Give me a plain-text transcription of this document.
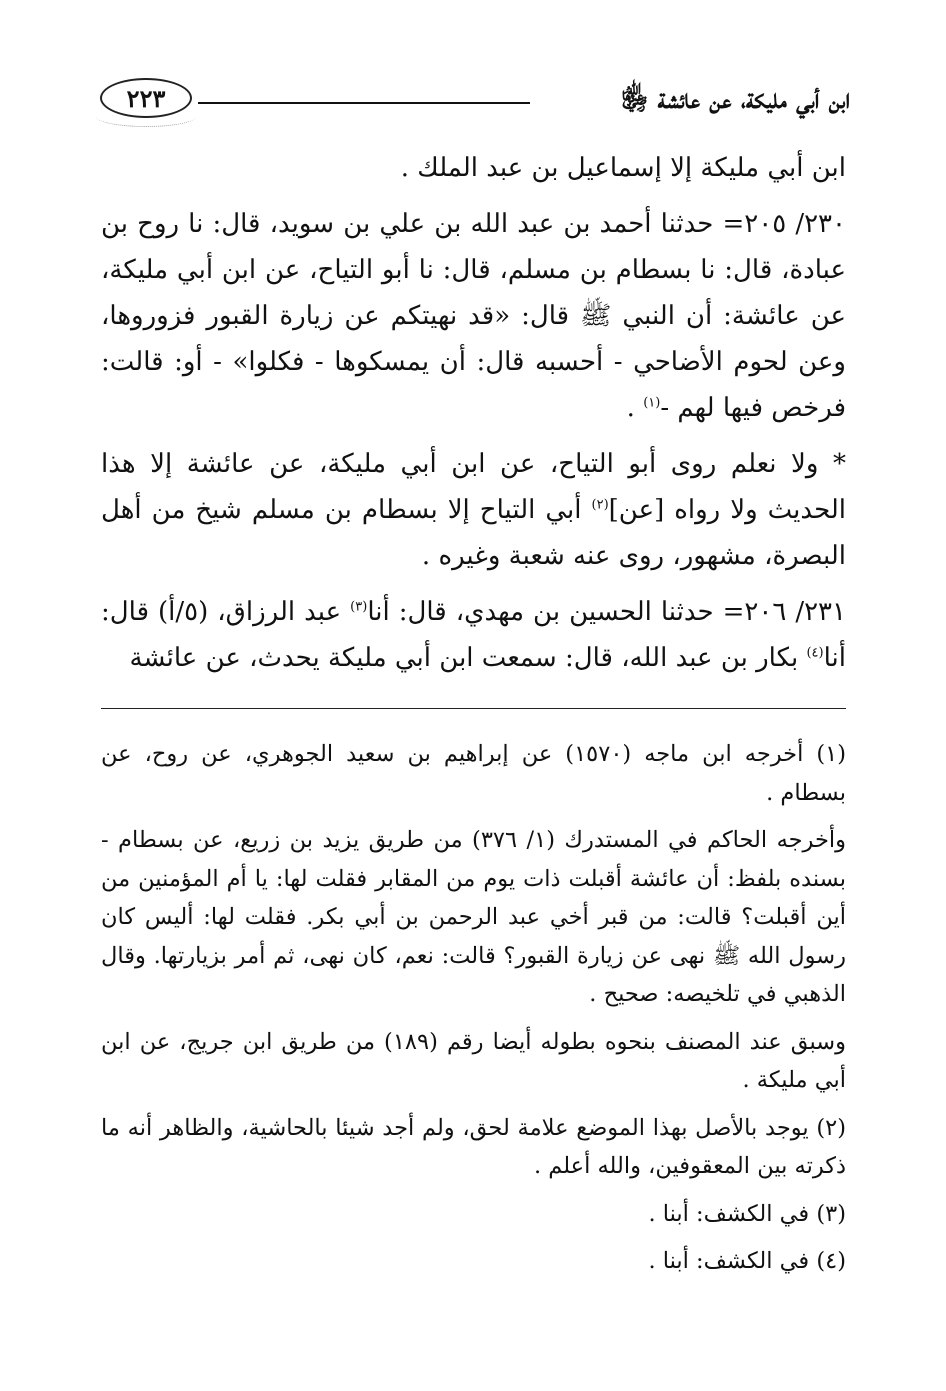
ابن أبي مليكة، عن عائشة ﵂
٢٢٣

ابن أبي مليكة إلا إسماعيل بن عبد الملك .

٢٣٠/ ٢٠٥= حدثنا أحمد بن عبد الله بن علي بن سويد، قال: نا روح بن عبادة، قال: نا بسطام بن مسلم، قال: نا أبو التياح، عن ابن أبي مليكة، عن عائشة: أن النبي ﷺ قال: «قد نهيتكم عن زيارة القبور فزوروها، وعن لحوم الأضاحي - أحسبه قال: أن يمسكوها - فكلوا» - أو: قالت: فرخص فيها لهم -$^{(١)}$ .

* ولا نعلم روى أبو التياح، عن ابن أبي مليكة، عن عائشة إلا هذا الحديث ولا رواه [عن]$^{(٢)}$ أبي التياح إلا بسطام بن مسلم شيخ من أهل البصرة، مشهور، روى عنه شعبة وغيره .

٢٣١/ ٢٠٦= حدثنا الحسين بن مهدي، قال: أنا$^{(٣)}$ عبد الرزاق، (٥/أ) قال: أنا$^{(٤)}$ بكار بن عبد الله، قال: سمعت ابن أبي مليكة يحدث، عن عائشة

(١) أخرجه ابن ماجه (١٥٧٠) عن إبراهيم بن سعيد الجوهري، عن روح، عن بسطام .

وأخرجه الحاكم في المستدرك (١/ ٣٧٦) من طريق يزيد بن زريع، عن بسطام - بسنده بلفظ: أن عائشة أقبلت ذات يوم من المقابر فقلت لها: يا أم المؤمنين من أين أقبلت؟ قالت: من قبر أخي عبد الرحمن بن أبي بكر. فقلت لها: أليس كان رسول الله ﷺ نهى عن زيارة القبور؟ قالت: نعم، كان نهى، ثم أمر بزيارتها. وقال الذهبي في تلخيصه: صحيح .

وسبق عند المصنف بنحوه بطوله أيضا رقم (١٨٩) من طريق ابن جريج، عن ابن أبي مليكة .

(٢) يوجد بالأصل بهذا الموضع علامة لحق، ولم أجد شيئا بالحاشية، والظاهر أنه ما ذكرته بين المعقوفين، والله أعلم .

(٣) في الكشف: أبنا .

(٤) في الكشف: أبنا .
